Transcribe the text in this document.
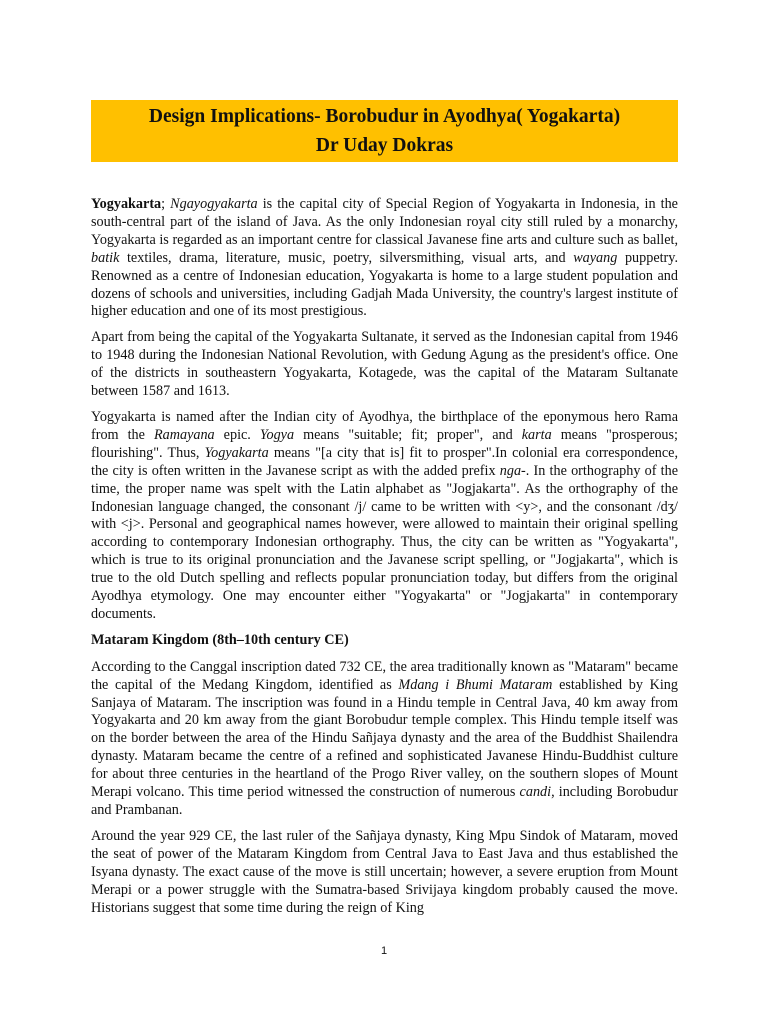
Design Implications- Borobudur in Ayodhya( Yogakarta)
Dr Uday Dokras

Yogyakarta; Ngayogyakarta is the capital city of Special Region of Yogyakarta in Indonesia, in the south-central part of the island of Java. As the only Indonesian royal city still ruled by a monarchy, Yogyakarta is regarded as an important centre for classical Javanese fine arts and culture such as ballet, batik textiles, drama, literature, music, poetry, silversmithing, visual arts, and wayang puppetry. Renowned as a centre of Indonesian education, Yogyakarta is home to a large student population and dozens of schools and universities, including Gadjah Mada University, the country's largest institute of higher education and one of its most prestigious.

Apart from being the capital of the Yogyakarta Sultanate, it served as the Indonesian capital from 1946 to 1948 during the Indonesian National Revolution, with Gedung Agung as the president's office. One of the districts in southeastern Yogyakarta, Kotagede, was the capital of the Mataram Sultanate between 1587 and 1613.

Yogyakarta is named after the Indian city of Ayodhya, the birthplace of the eponymous hero Rama from the Ramayana epic. Yogya means "suitable; fit; proper", and karta means "prosperous; flourishing". Thus, Yogyakarta means "[a city that is] fit to prosper".In colonial era correspondence, the city is often written in the Javanese script as with the added prefix nga-. In the orthography of the time, the proper name was spelt with the Latin alphabet as "Jogjakarta". As the orthography of the Indonesian language changed, the consonant /j/ came to be written with <y>, and the consonant /dʒ/ with <j>. Personal and geographical names however, were allowed to maintain their original spelling according to contemporary Indonesian orthography. Thus, the city can be written as "Yogyakarta", which is true to its original pronunciation and the Javanese script spelling, or "Jogjakarta", which is true to the old Dutch spelling and reflects popular pronunciation today, but differs from the original Ayodhya etymology. One may encounter either "Yogyakarta" or "Jogjakarta" in contemporary documents.

Mataram Kingdom (8th–10th century CE)

According to the Canggal inscription dated 732 CE, the area traditionally known as "Mataram" became the capital of the Medang Kingdom, identified as Mdang i Bhumi Mataram established by King Sanjaya of Mataram. The inscription was found in a Hindu temple in Central Java, 40 km away from Yogyakarta and 20 km away from the giant Borobudur temple complex. This Hindu temple itself was on the border between the area of the Hindu Sañjaya dynasty and the area of the Buddhist Shailendra dynasty. Mataram became the centre of a refined and sophisticated Javanese Hindu-Buddhist culture for about three centuries in the heartland of the Progo River valley, on the southern slopes of Mount Merapi volcano. This time period witnessed the construction of numerous candi, including Borobudur and Prambanan.

Around the year 929 CE, the last ruler of the Sañjaya dynasty, King Mpu Sindok of Mataram, moved the seat of power of the Mataram Kingdom from Central Java to East Java and thus established the Isyana dynasty. The exact cause of the move is still uncertain; however, a severe eruption from Mount Merapi or a power struggle with the Sumatra-based Srivijaya kingdom probably caused the move. Historians suggest that some time during the reign of King

1
